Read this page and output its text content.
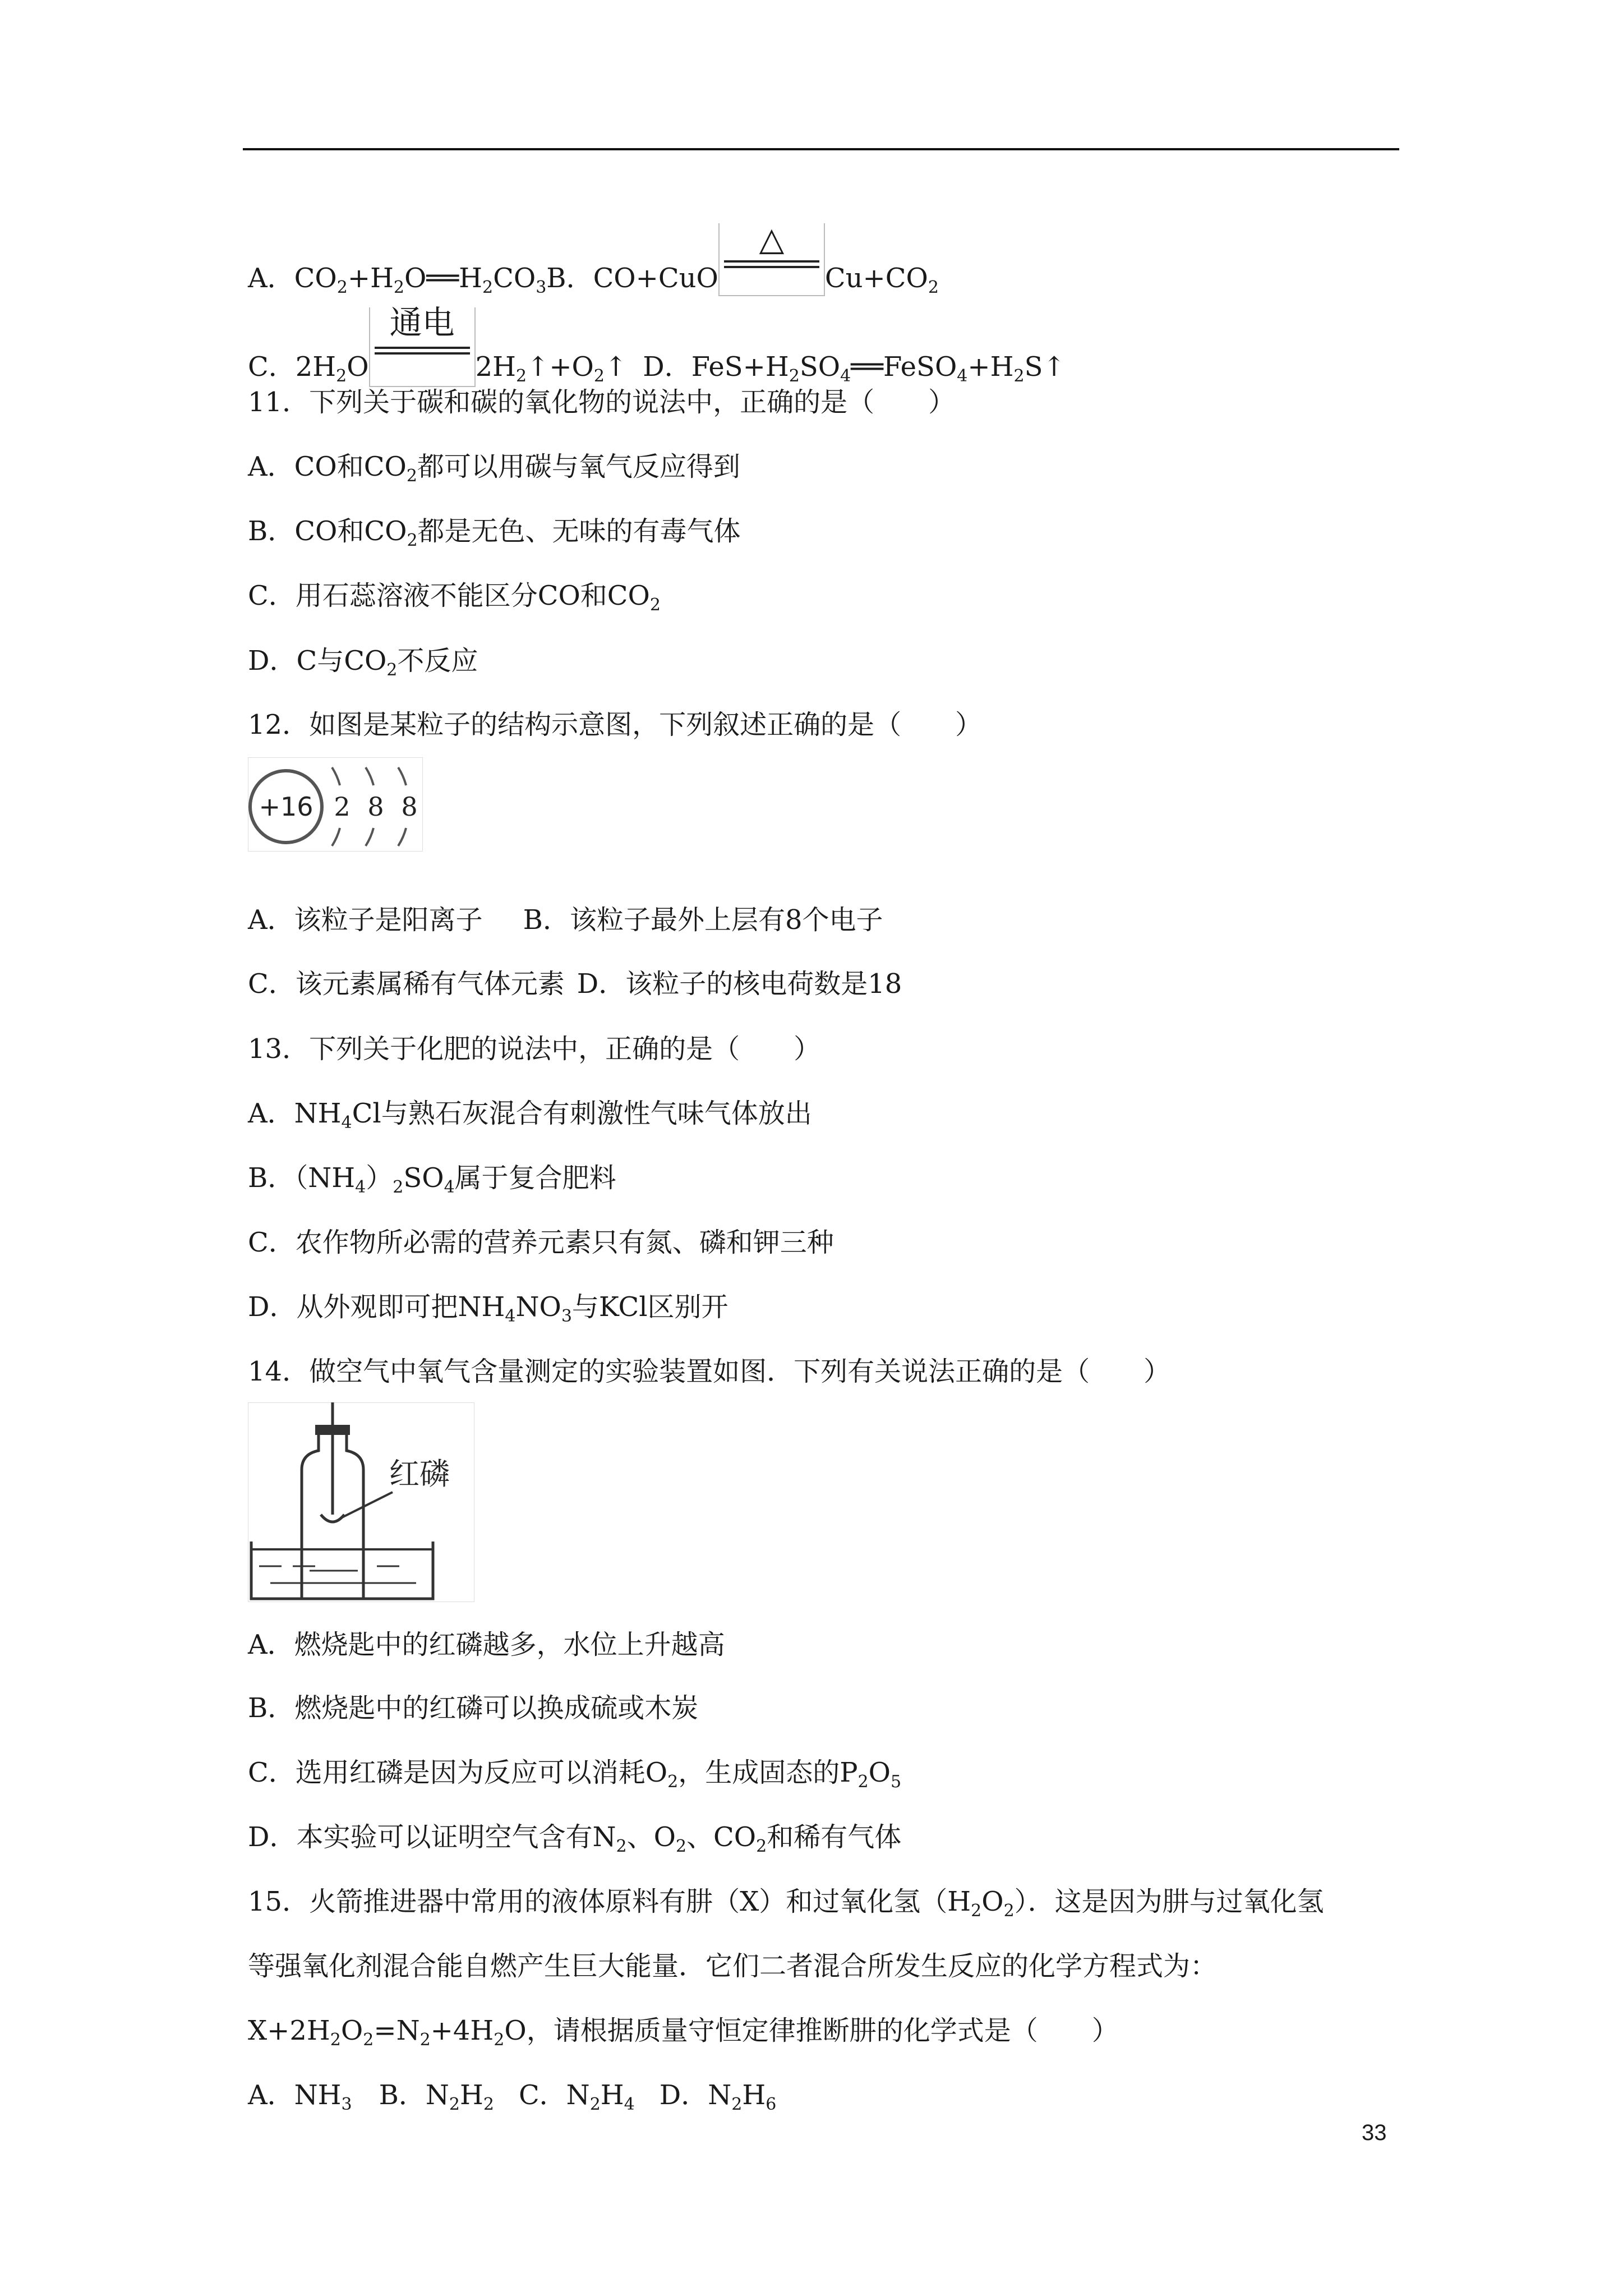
A．$CO_2+H_2O══H_2CO_3B$．CO+CuO
△
$Cu+CO_2$
C．$2H_2O$
通电
$2H_2↑+O_2↑$ D．$FeS+H_2SO_4══FeSO_4+H_2S↑$
11．下列关于碳和碳的氧化物的说法中，正确的是（　　）
A．CO和$CO_2$都可以用碳与氧气反应得到
B．CO和$CO_2$都是无色、无味的有毒气体
C．用石蕊溶液不能区分CO和$CO_2$
D．C与$CO_2$不反应
12．如图是某粒子的结构示意图，下列叙述正确的是（　　）
+16 2 8 8
A．该粒子是阳离子 B．该粒子最外上层有8个电子
C．该元素属稀有气体元素 D．该粒子的核电荷数是18
13．下列关于化肥的说法中，正确的是（　　）
A．$NH_4Cl$与熟石灰混合有刺激性气味气体放出
B．$(NH_4)_2SO_4$属于复合肥料
C．农作物所必需的营养元素只有氮、磷和钾三种
D．从外观即可把$NH_4NO_3$与KCl区别开
14．做空气中氧气含量测定的实验装置如图．下列有关说法正确的是（　　）
红磷
A．燃烧匙中的红磷越多，水位上升越高
B．燃烧匙中的红磷可以换成硫或木炭
C．选用红磷是因为反应可以消耗$O_2$，生成固态的$P_2O_5$
D．本实验可以证明空气含有$N_2$、$O_2$、$CO_2$和稀有气体
15．火箭推进器中常用的液体原料有肼（X）和过氧化氢$(H_2O_2)$．这是因为肼与过氧化氢
等强氧化剂混合能自燃产生巨大能量．它们二者混合所发生反应的化学方程式为：
$X+2H_2O_2=N_2+4H_2O$，请根据质量守恒定律推断肼的化学式是（　　）
A．$NH_3$ B．$N_2H_2$ C．$N_2H_4$ D．$N_2H_6$
33
